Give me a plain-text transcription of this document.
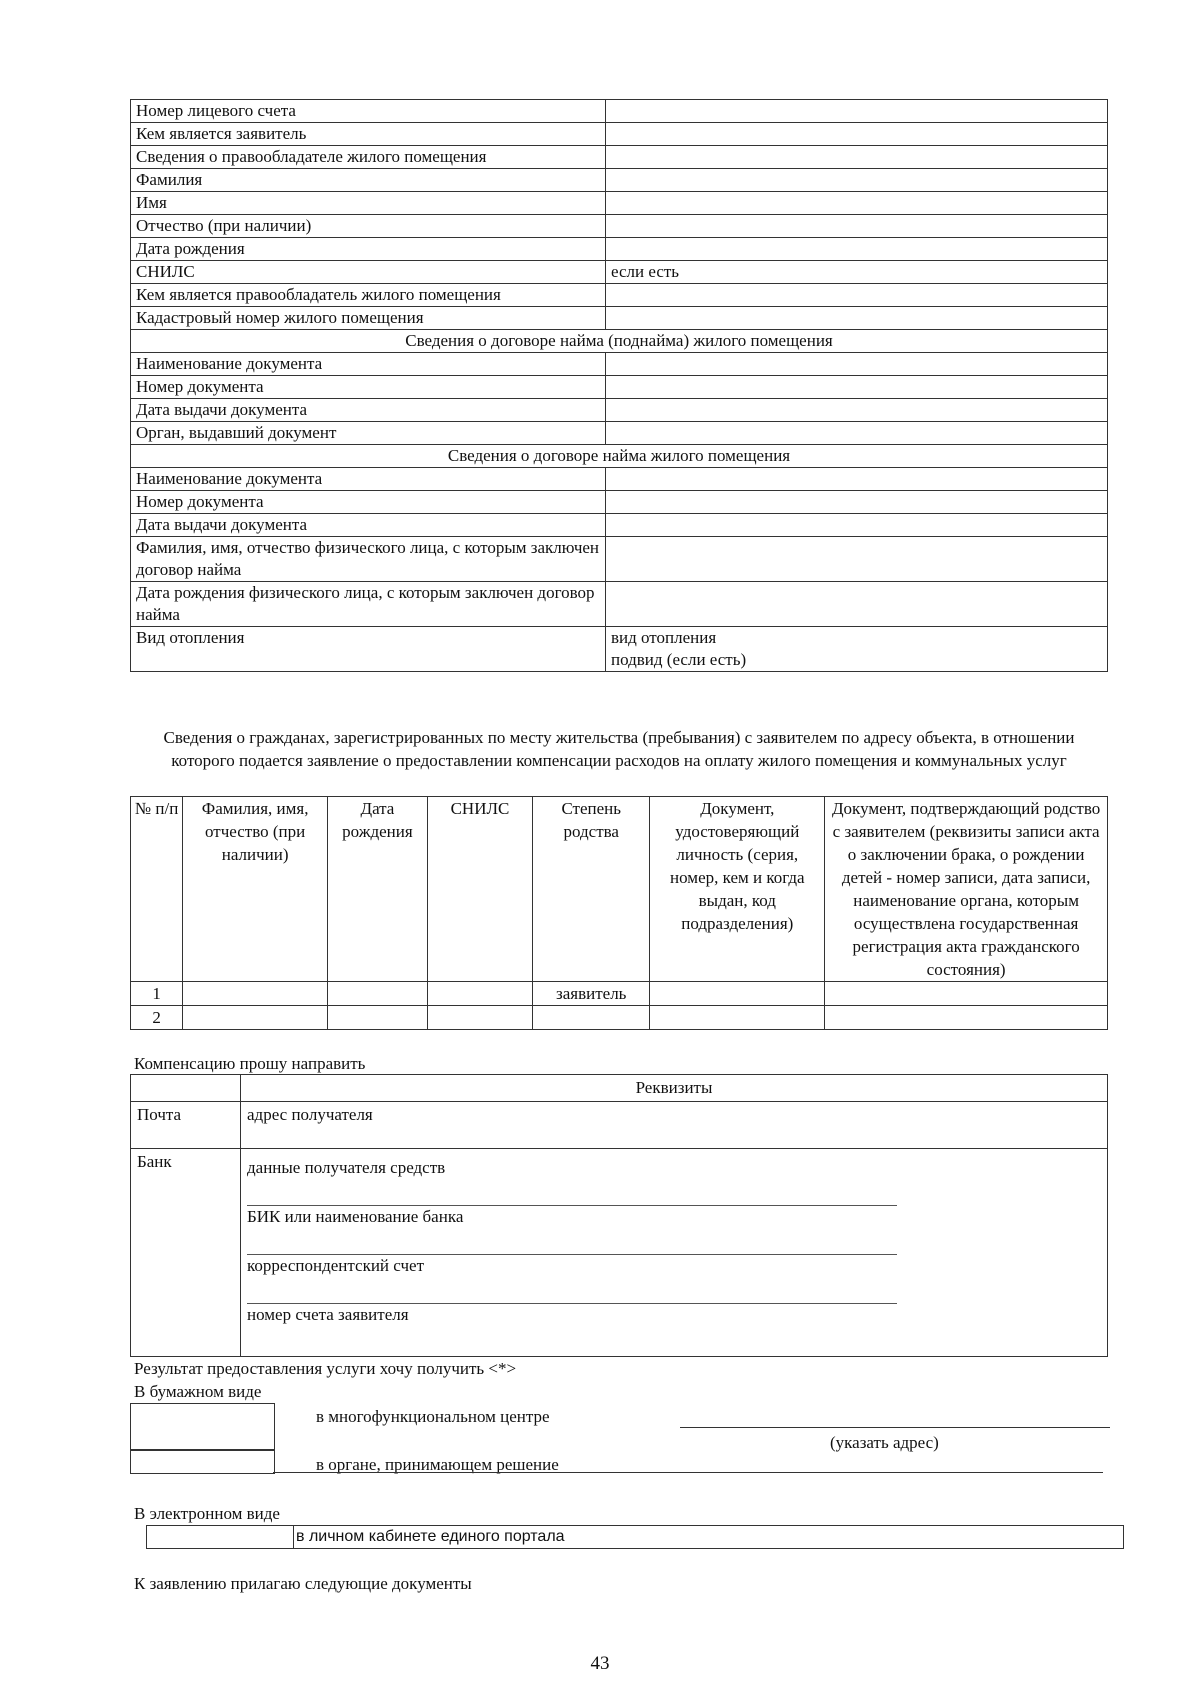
Номер лицевого счета	
Кем является заявитель	
Сведения о правообладателе жилого помещения	
Фамилия	
Имя	
Отчество (при наличии)	
Дата рождения	
СНИЛС	если есть
Кем является правообладатель жилого помещения	
Кадастровый номер жилого помещения	
Сведения о договоре найма (поднайма) жилого помещения	
Наименование документа	
Номер документа	
Дата выдачи документа	
Орган, выдавший документ	
Сведения о договоре найма жилого помещения	
Наименование документа	
Номер документа	
Дата выдачи документа	
Фамилия, имя, отчество физического лица, с которым заключен договор найма	
Дата рождения физического лица, с которым заключен договор найма	
Вид отопления	вид отопления
подвид (если есть)
Сведения о гражданах, зарегистрированных по месту жительства (пребывания) с заявителем по адресу объекта, в отношении которого подается заявление о предоставлении компенсации расходов на оплату жилого помещения и коммунальных услуг
№ п/п	Фамилия, имя, отчество (при наличии)	Дата рождения	СНИЛС	Степень родства	Документ, удостоверяющий личность (серия, номер, кем и когда выдан, код подразделения)	Документ, подтверждающий родство с заявителем (реквизиты записи акта о заключении брака, о рождении детей - номер записи, дата записи, наименование органа, которым осуществлена государственная регистрация акта гражданского состояния)
1				заявитель		
2						
Компенсацию прошу направить
	Реквизиты
Почта	адрес получателя
Банк	данные получателя средств
БИК или наименование банка
корреспондентский счет
номер счета заявителя
Результат предоставления услуги хочу получить <*>
В бумажном виде
в многофункциональном центре
в органе, принимающем решение
(указать адрес)
В электронном виде
в личном кабинете единого портала
К заявлению прилагаю следующие документы
43
